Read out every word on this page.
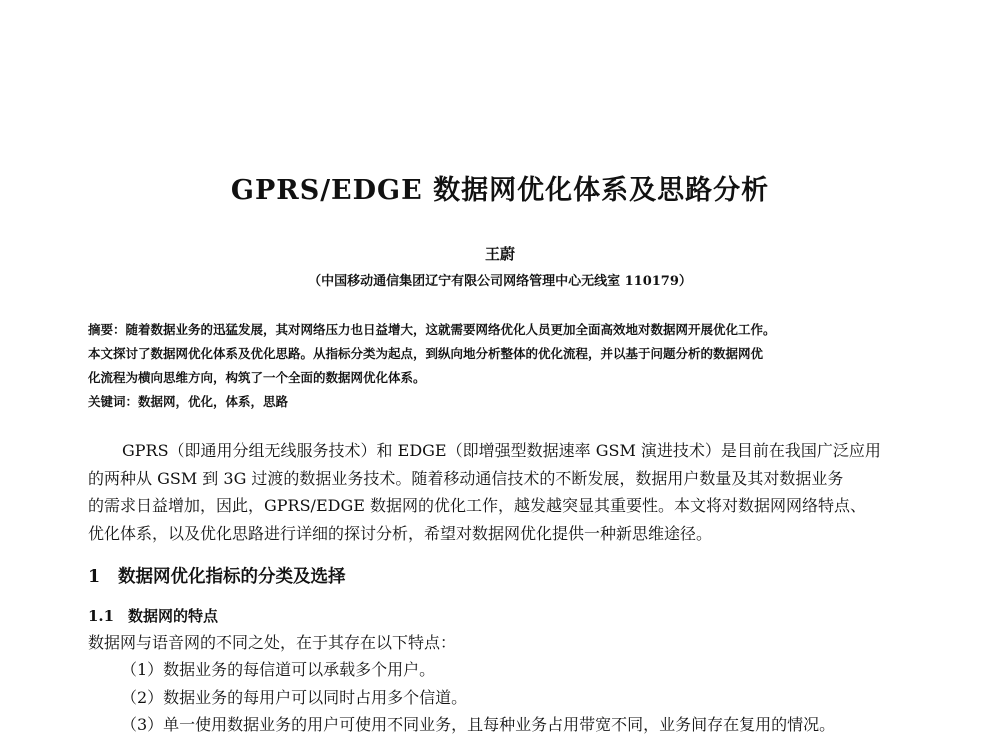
GPRS/EDGE 数据网优化体系及思路分析
王蔚
（中国移动通信集团辽宁有限公司网络管理中心无线室 110179）
摘要：随着数据业务的迅猛发展，其对网络压力也日益增大，这就需要网络优化人员更加全面高效地对数据网开展优化工作。
本文探讨了数据网优化体系及优化思路。从指标分类为起点，到纵向地分析整体的优化流程，并以基于问题分析的数据网优
化流程为横向思维方向，构筑了一个全面的数据网优化体系。
关键词：数据网，优化，体系，思路
GPRS（即通用分组无线服务技术）和 EDGE（即增强型数据速率 GSM 演进技术）是目前在我国广泛应用
的两种从 GSM 到 3G 过渡的数据业务技术。随着移动通信技术的不断发展，数据用户数量及其对数据业务
的需求日益增加，因此，GPRS/EDGE 数据网的优化工作，越发越突显其重要性。本文将对数据网网络特点、
优化体系，以及优化思路进行详细的探讨分析，希望对数据网优化提供一种新思维途径。
1 数据网优化指标的分类及选择
1.1 数据网的特点
数据网与语音网的不同之处，在于其存在以下特点：
（1）数据业务的每信道可以承载多个用户。
（2）数据业务的每用户可以同时占用多个信道。
（3）单一使用数据业务的用户可使用不同业务，且每种业务占用带宽不同，业务间存在复用的情况。
